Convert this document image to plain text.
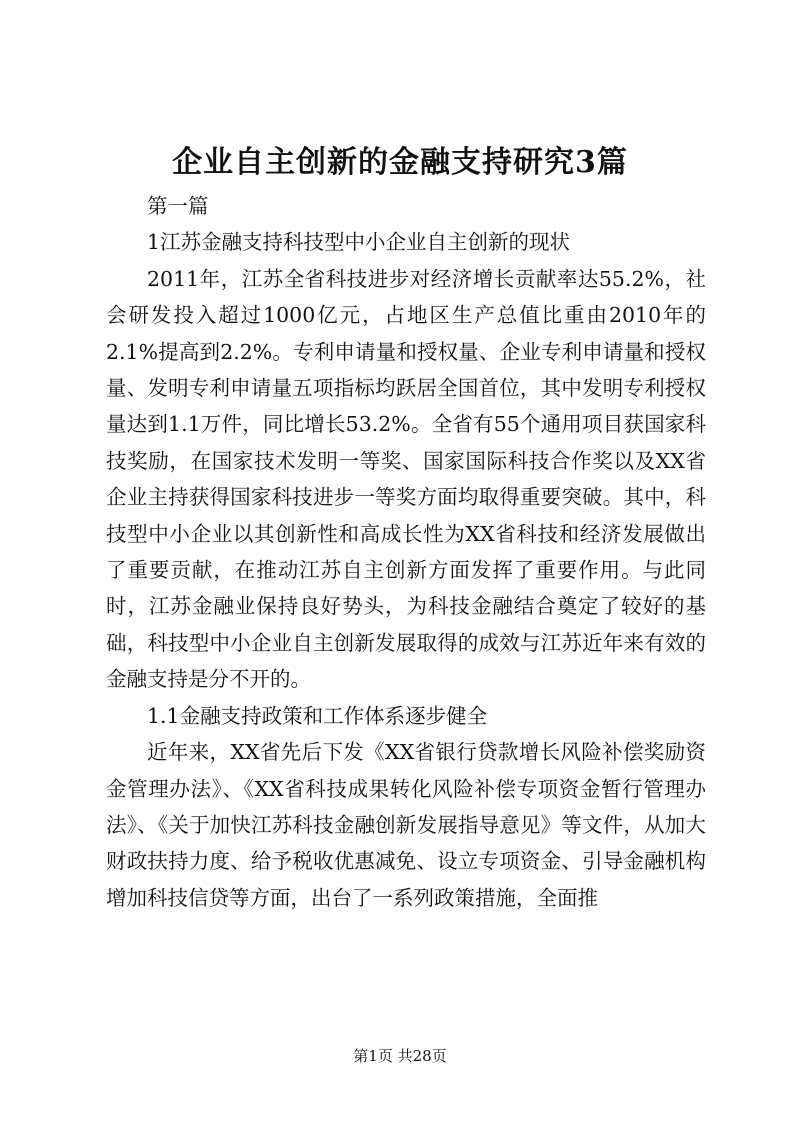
企业自主创新的金融支持研究3篇

第一篇

1江苏金融支持科技型中小企业自主创新的现状

2011年，江苏全省科技进步对经济增长贡献率达55.2%，社会研发投入超过1000亿元，占地区生产总值比重由2010年的2.1%提高到2.2%。专利申请量和授权量、企业专利申请量和授权量、发明专利申请量五项指标均跃居全国首位，其中发明专利授权量达到1.1万件，同比增长53.2%。全省有55个通用项目获国家科技奖励，在国家技术发明一等奖、国家国际科技合作奖以及XX省企业主持获得国家科技进步一等奖方面均取得重要突破。其中，科技型中小企业以其创新性和高成长性为XX省科技和经济发展做出了重要贡献，在推动江苏自主创新方面发挥了重要作用。与此同时，江苏金融业保持良好势头，为科技金融结合奠定了较好的基础，科技型中小企业自主创新发展取得的成效与江苏近年来有效的金融支持是分不开的。

1.1金融支持政策和工作体系逐步健全

近年来，XX省先后下发《XX省银行贷款增长风险补偿奖励资金管理办法》、《XX省科技成果转化风险补偿专项资金暂行管理办法》、《关于加快江苏科技金融创新发展指导意见》等文件，从加大财政扶持力度、给予税收优惠减免、设立专项资金、引导金融机构增加科技信贷等方面，出台了一系列政策措施，全面推

第1页 共28页
